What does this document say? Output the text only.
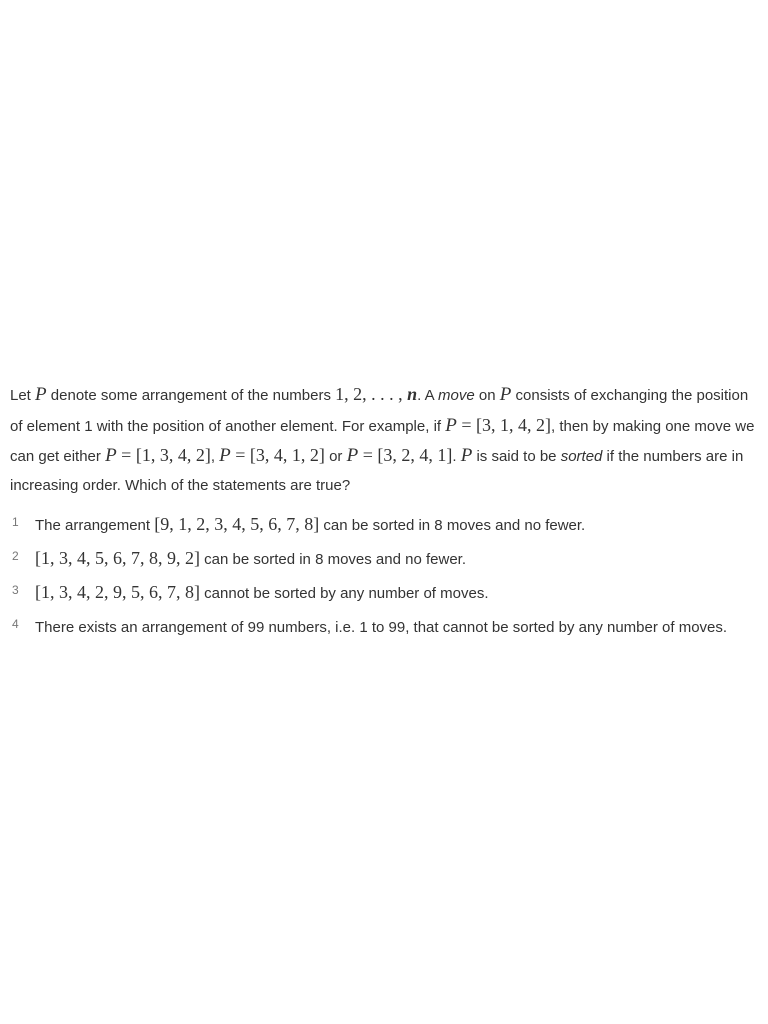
Let P denote some arrangement of the numbers 1, 2, . . . , n. A move on P consists of exchanging the position of element 1 with the position of another element. For example, if P = [3, 1, 4, 2], then by making one move we can get either P = [1, 3, 4, 2], P = [3, 4, 1, 2] or P = [3, 2, 4, 1]. P is said to be sorted if the numbers are in increasing order. Which of the statements are true?

1 The arrangement [9, 1, 2, 3, 4, 5, 6, 7, 8] can be sorted in 8 moves and no fewer.
2 [1, 3, 4, 5, 6, 7, 8, 9, 2] can be sorted in 8 moves and no fewer.
3 [1, 3, 4, 2, 9, 5, 6, 7, 8] cannot be sorted by any number of moves.
4 There exists an arrangement of 99 numbers, i.e. 1 to 99, that cannot be sorted by any number of moves.
